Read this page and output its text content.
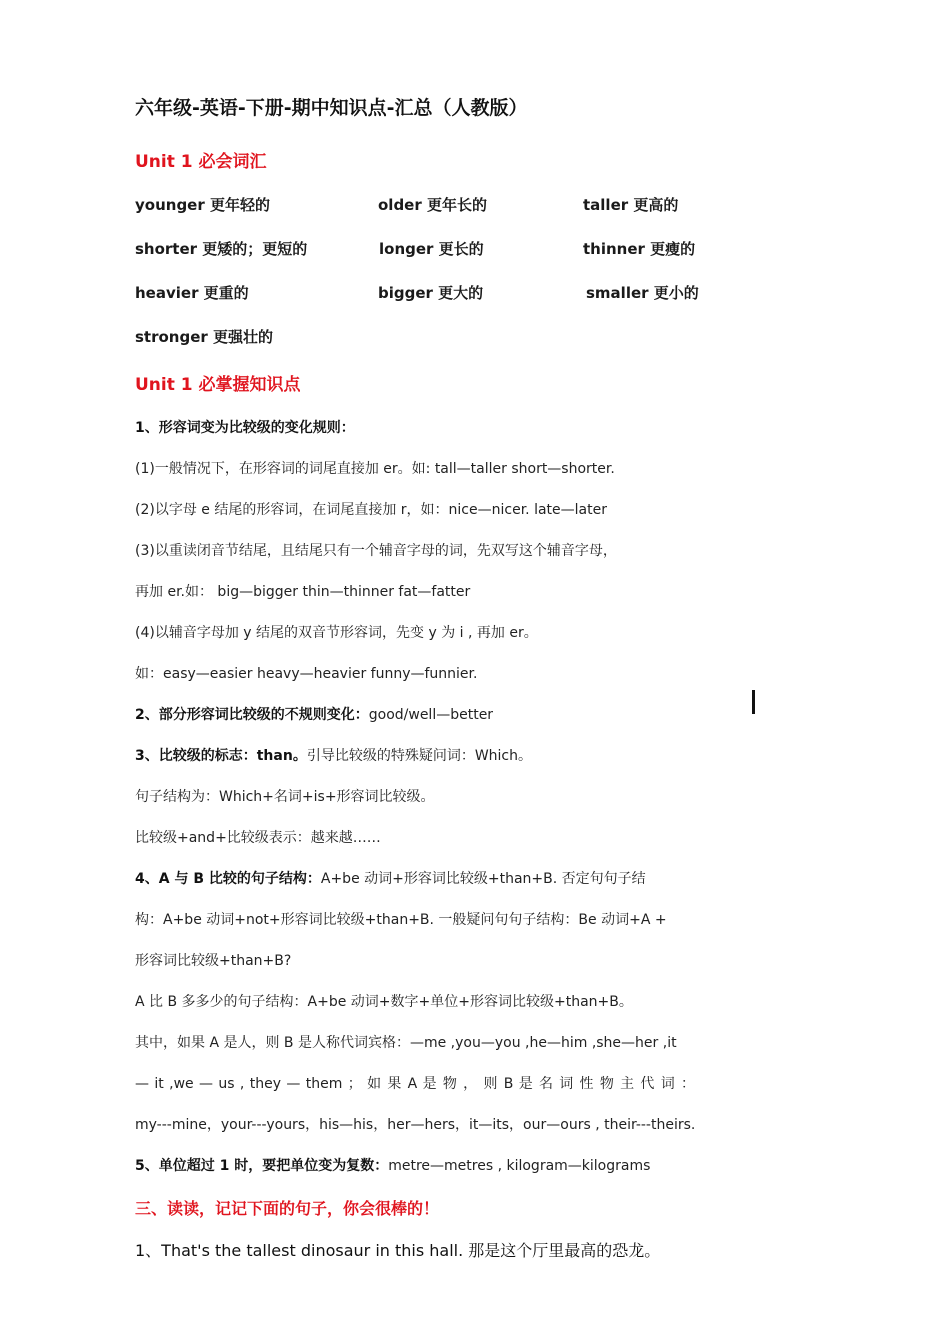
六年级-英语-下册-期中知识点-汇总（人教版）
Unit 1 必会词汇
younger 更年轻的	older 更年长的	taller 更高的
shorter 更矮的；更短的	longer 更长的	thinner 更瘦的
heavier 更重的	bigger 更大的	smaller 更小的
stronger 更强壮的
Unit 1 必掌握知识点
1、形容词变为比较级的变化规则：
(1)一般情况下，在形容词的词尾直接加 er。如: tall—taller short—shorter.
(2)以字母 e 结尾的形容词，在词尾直接加 r，如：nice—nicer. late—later
(3)以重读闭音节结尾，且结尾只有一个辅音字母的词，先双写这个辅音字母，
再加 er.如： big—bigger thin—thinner fat—fatter
(4)以辅音字母加 y 结尾的双音节形容词，先变 y 为 i , 再加 er。
如：easy—easier heavy—heavier funny—funnier.
2、部分形容词比较级的不规则变化：good/well—better
3、比较级的标志：than。引导比较级的特殊疑问词：Which。
句子结构为：Which+名词+is+形容词比较级。
比较级+and+比较级表示：越来越……
4、A 与 B 比较的句子结构：A+be 动词+形容词比较级+than+B. 否定句句子结
构：A+be 动词+not+形容词比较级+than+B. 一般疑问句句子结构：Be 动词+A +
形容词比较级+than+B?
A 比 B 多多少的句子结构：A+be 动词+数字+单位+形容词比较级+than+B。
其中，如果 A 是人，则 B 是人称代词宾格：—me ,you—you ,he—him ,she—her ,it
— it ,we — us , they — them ； 如 果 A 是 物 ， 则 B 是 名 词 性 物 主 代 词 ：
my---mine，your---yours，his—his，her—hers，it—its，our—ours , their---theirs.
5、单位超过 1 时，要把单位变为复数：metre—metres , kilogram—kilograms
三、读读，记记下面的句子，你会很棒的！
1、That's the tallest dinosaur in this hall. 那是这个厅里最高的恐龙。
